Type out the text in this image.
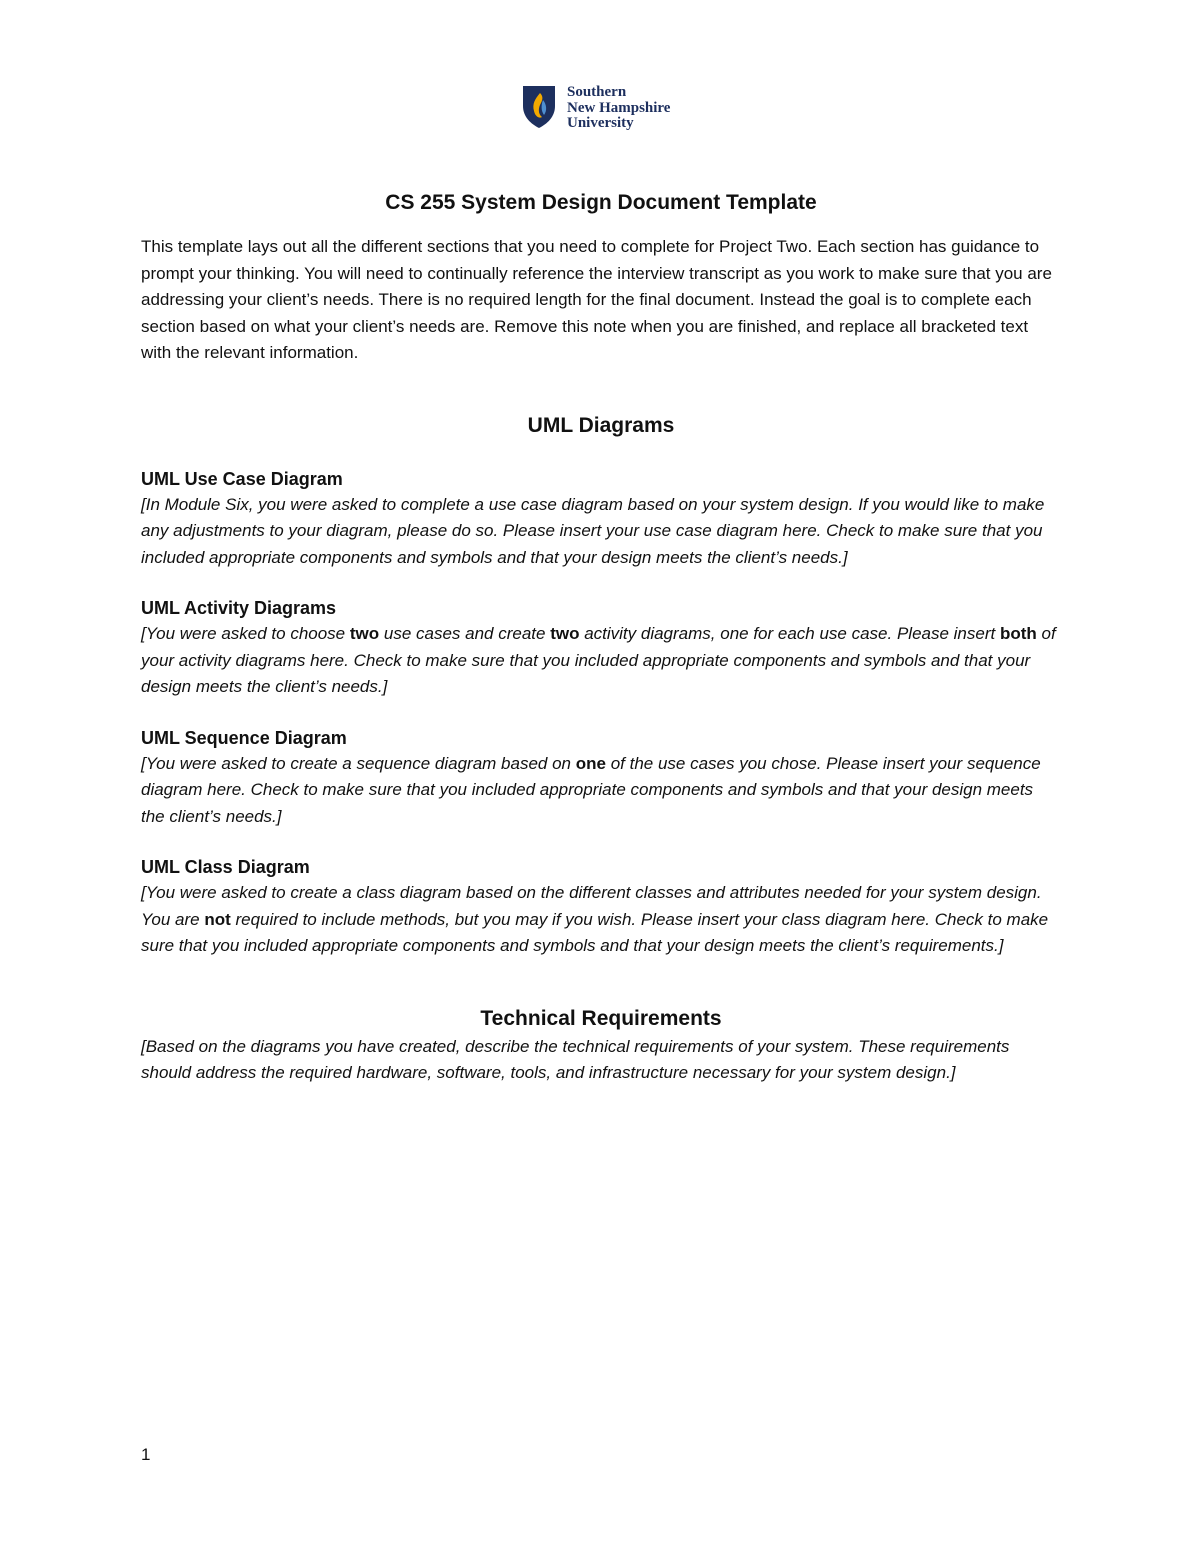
Southern
New Hampshire
University
CS 255 System Design Document Template

This template lays out all the different sections that you need to complete for Project Two. Each section has guidance to prompt your thinking. You will need to continually reference the interview transcript as you work to make sure that you are addressing your client’s needs. There is no required length for the final document. Instead the goal is to complete each section based on what your client’s needs are. Remove this note when you are finished, and replace all bracketed text with the relevant information.

UML Diagrams
UML Use Case Diagram

[In Module Six, you were asked to complete a use case diagram based on your system design. If you would like to make any adjustments to your diagram, please do so. Please insert your use case diagram here. Check to make sure that you included appropriate components and symbols and that your design meets the client’s needs.]

UML Activity Diagrams

[You were asked to choose two use cases and create two activity diagrams, one for each use case. Please insert both of your activity diagrams here. Check to make sure that you included appropriate components and symbols and that your design meets the client’s needs.]

UML Sequence Diagram

[You were asked to create a sequence diagram based on one of the use cases you chose. Please insert your sequence diagram here. Check to make sure that you included appropriate components and symbols and that your design meets the client’s needs.]

UML Class Diagram

[You were asked to create a class diagram based on the different classes and attributes needed for your system design. You are not required to include methods, but you may if you wish. Please insert your class diagram here. Check to make sure that you included appropriate components and symbols and that your design meets the client’s requirements.]

Technical Requirements

[Based on the diagrams you have created, describe the technical requirements of your system. These requirements should address the required hardware, software, tools, and infrastructure necessary for your system design.]

1
